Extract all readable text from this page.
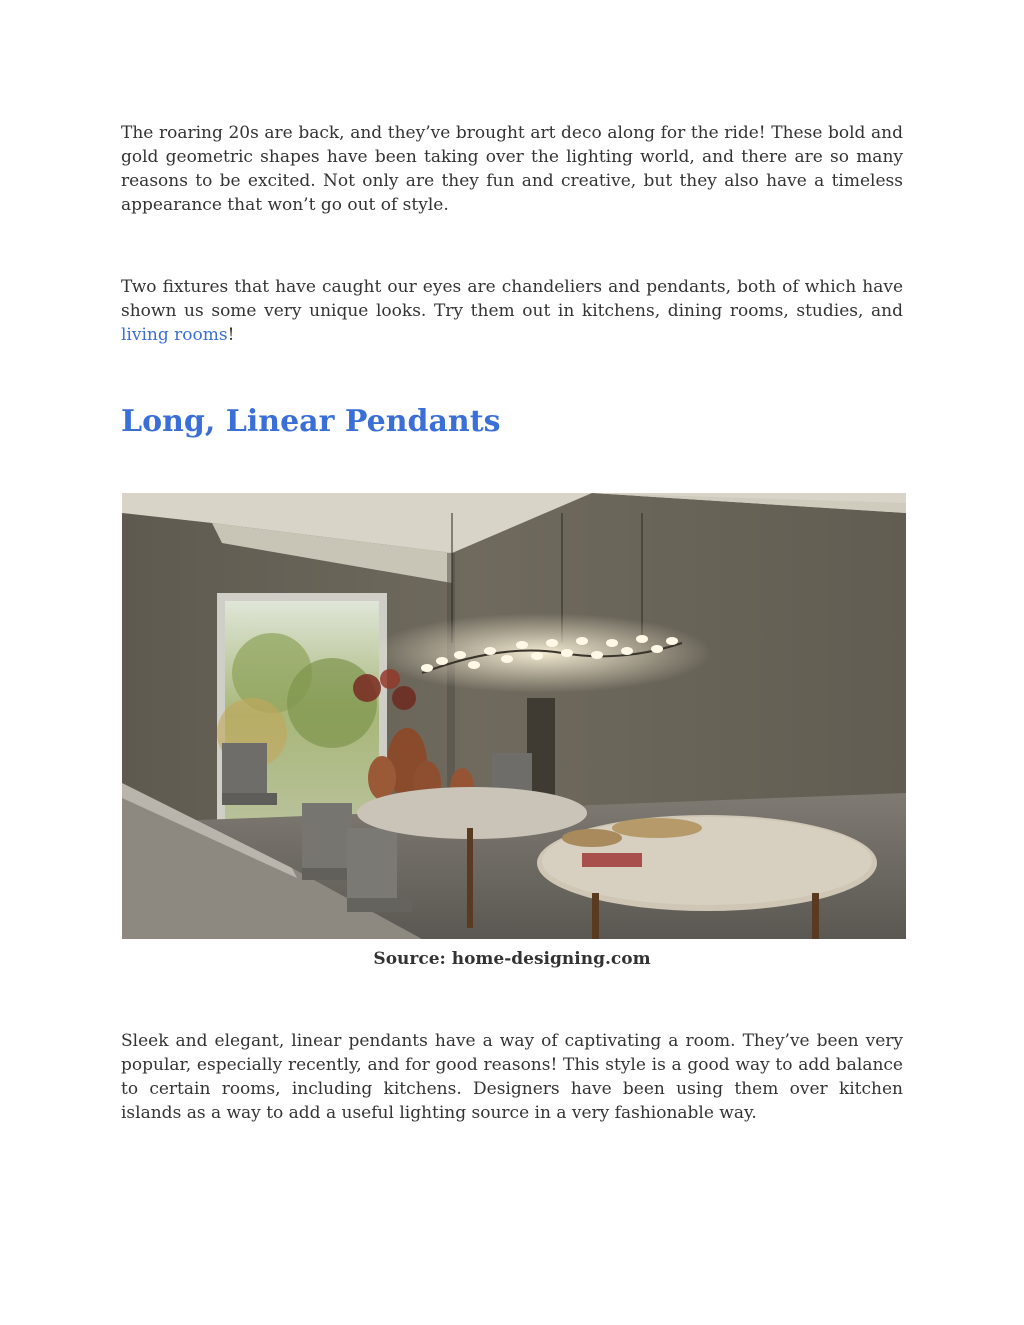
The roaring 20s are back, and they’ve brought art deco along for the ride! These bold and gold geometric shapes have been taking over the lighting world, and there are so many reasons to be excited. Not only are they fun and creative, but they also have a timeless appearance that won’t go out of style.

Two fixtures that have caught our eyes are chandeliers and pendants, both of which have shown us some very unique looks. Try them out in kitchens, dining rooms, studies, and living rooms!

Long, Linear Pendants

Source: home-designing.com

Sleek and elegant, linear pendants have a way of captivating a room. They’ve been very popular, especially recently, and for good reasons! This style is a good way to add balance to certain rooms, including kitchens. Designers have been using them over kitchen islands as a way to add a useful lighting source in a very fashionable way.
